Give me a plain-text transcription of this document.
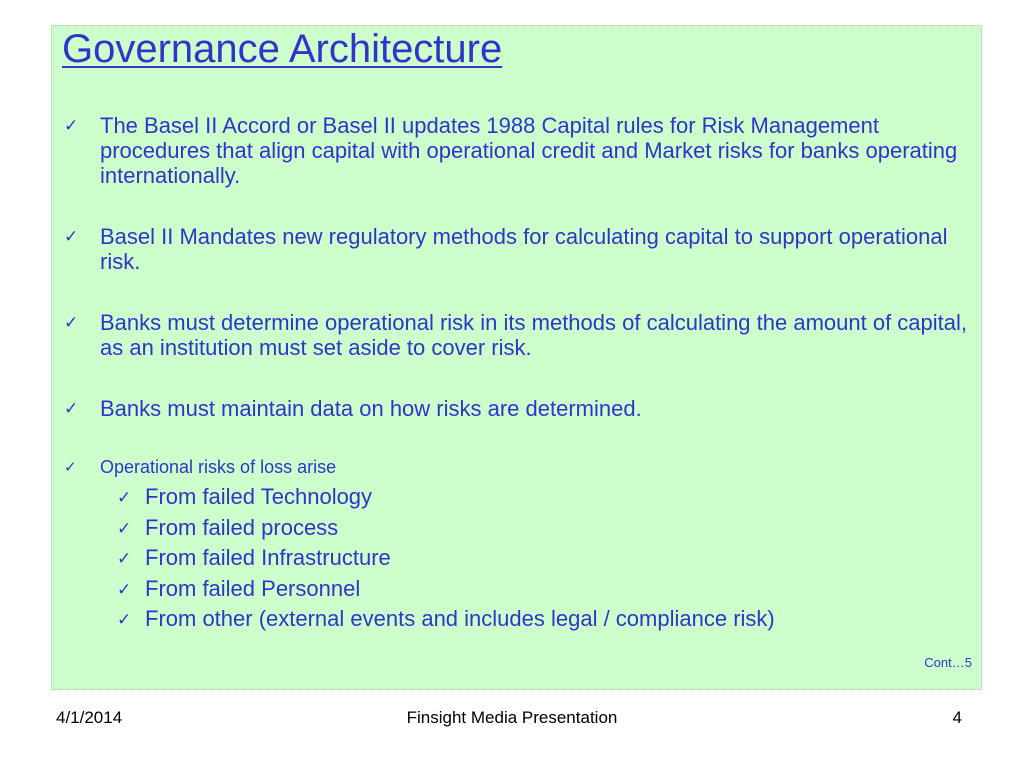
Governance Architecture
✓ The Basel II Accord or Basel II updates 1988 Capital rules for Risk Management procedures that align capital with operational credit and Market risks for banks operating internationally.
✓ Basel II Mandates new regulatory methods for calculating capital to support operational risk.
✓ Banks must determine operational risk in its methods of calculating the amount of capital, as an institution must set aside to cover risk.
✓ Banks must maintain data on how risks are determined.
✓ Operational risks of loss arise
✓ From failed Technology
✓ From failed process
✓ From failed Infrastructure
✓ From failed Personnel
✓ From other (external events and includes legal / compliance risk)
Cont…5
4/1/2014	Finsight Media Presentation	4
